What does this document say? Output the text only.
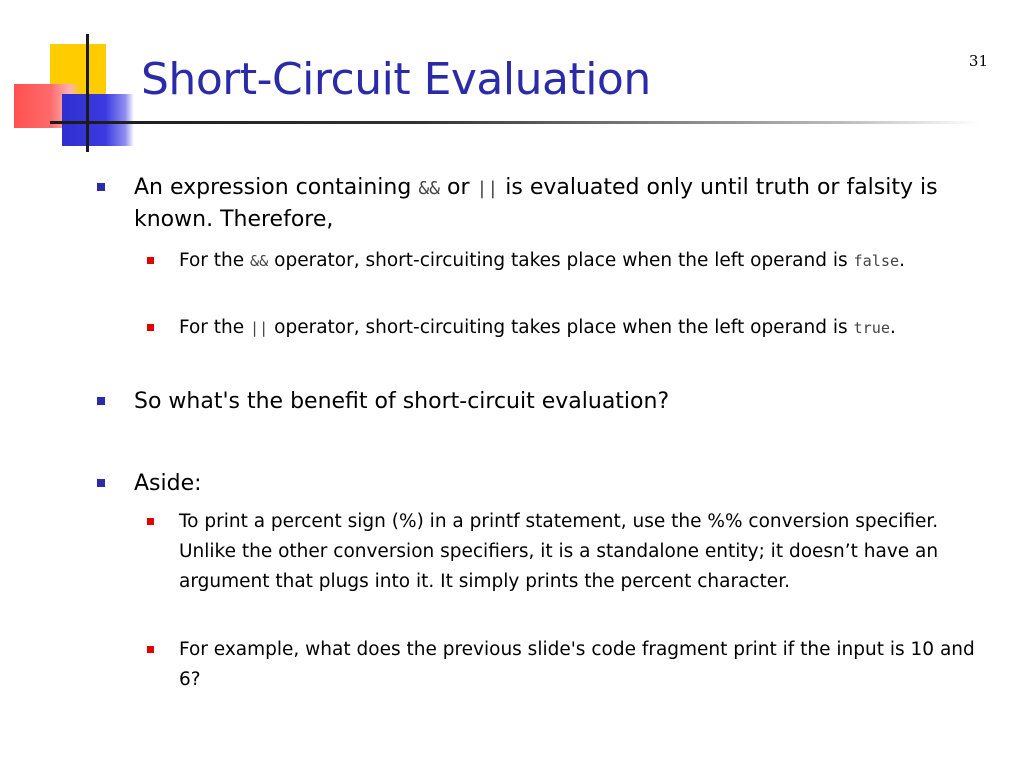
Short-Circuit Evaluation	31
An expression containing && or || is evaluated only until truth or falsity is known. Therefore,
For the && operator, short-circuiting takes place when the left operand is false.
For the || operator, short-circuiting takes place when the left operand is true.
So what's the benefit of short-circuit evaluation?
Aside:
To print a percent sign (%) in a printf statement, use the %% conversion specifier. Unlike the other conversion specifiers, it is a standalone entity; it doesn’t have an argument that plugs into it. It simply prints the percent character.
For example, what does the previous slide's code fragment print if the input is 10 and 6?
